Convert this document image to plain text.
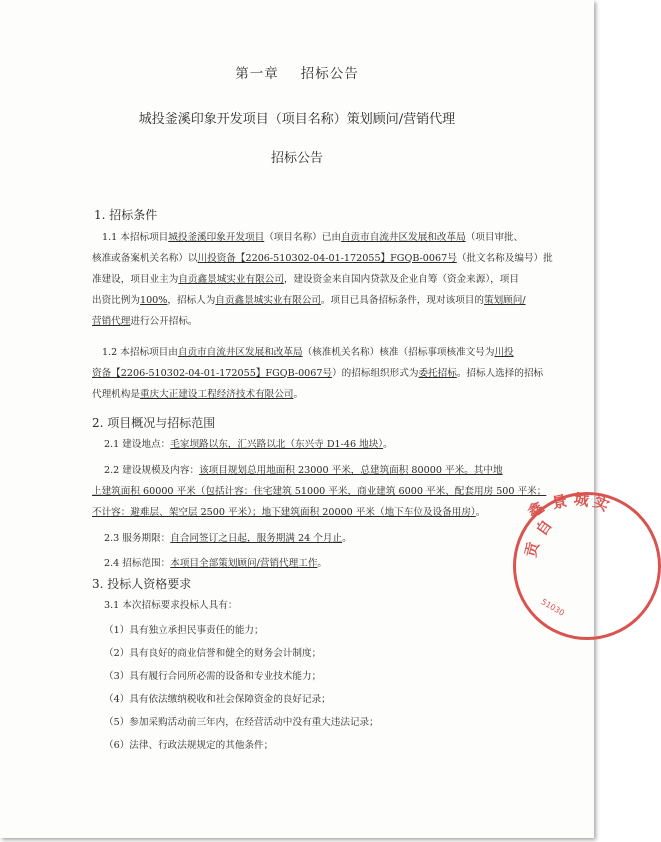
第一章 招标公告
城投釜溪印象开发项目（项目名称）策划顾问/营销代理
招标公告
1. 招标条件
1.1 本招标项目城投釜溪印象开发项目（项目名称）已由自贡市自流井区发展和改革局（项目审批、
核准或备案机关名称）以川投资备【2206-510302-04-01-172055】FGQB-0067号（批文名称及编号）批
准建设，项目业主为自贡鑫景城实业有限公司，建设资金来自国内贷款及企业自筹（资金来源），项目
出资比例为100%，招标人为自贡鑫景城实业有限公司。项目已具备招标条件，现对该项目的策划顾问/
营销代理进行公开招标。
1.2 本招标项目由自贡市自流井区发展和改革局（核准机关名称）核准（招标事项核准文号为川投
资备【2206-510302-04-01-172055】FGQB-0067号）的招标组织形式为委托招标。招标人选择的招标
代理机构是重庆大正建设工程经济技术有限公司。
2. 项目概况与招标范围
2.1 建设地点：毛家坝路以东，汇兴路以北（东兴寺 D1-46 地块）。
2.2 建设规模及内容：该项目规划总用地面积 23000 平米，总建筑面积 80000 平米。其中地
上建筑面积 60000 平米（包括计容：住宅建筑 51000 平米，商业建筑 6000 平米、配套用房 500 平米；
不计容：避难层、架空层 2500 平米）；地下建筑面积 20000 平米（地下车位及设备用房）。
2.3 服务期限：自合同签订之日起，服务期满 24 个月止。
2.4 招标范围：本项目全部策划顾问/营销代理工作。
3. 投标人资格要求
3.1 本次招标要求投标人具有：
（1）具有独立承担民事责任的能力；
（2）具有良好的商业信誉和健全的财务会计制度；
（3）具有履行合同所必需的设备和专业技术能力；
（4）具有依法缴纳税收和社会保障资金的良好记录；
（5）参加采购活动前三年内，在经营活动中没有重大违法记录；
（6）法律、行政法规规定的其他条件；
自
贡
鑫 景 城 实
51030
